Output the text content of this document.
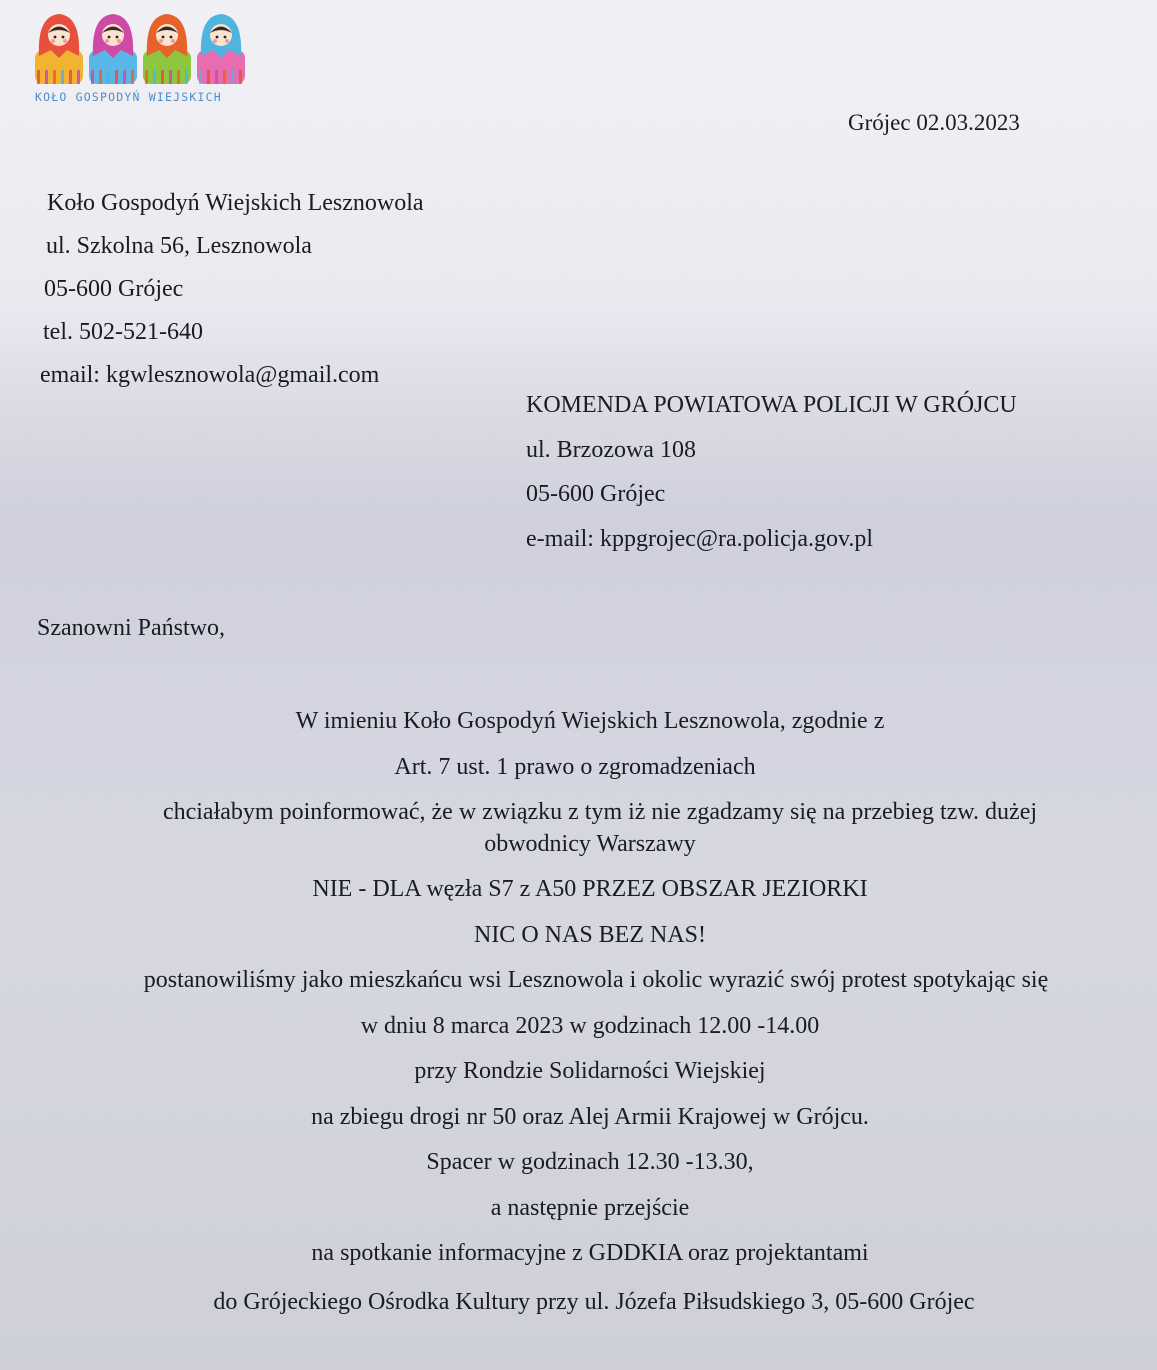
KOŁO GOSPODYŃ WIEJSKICH
Grójec 02.03.2023
Koło Gospodyń Wiejskich Lesznowola
ul. Szkolna 56, Lesznowola
05-600 Grójec
tel. 502-521-640
email: kgwlesznowola@gmail.com
KOMENDA POWIATOWA POLICJI W GRÓJCU
ul. Brzozowa 108
05-600 Grójec
e-mail: kppgrojec@ra.policja.gov.pl
Szanowni Państwo,
W imieniu Koło Gospodyń Wiejskich Lesznowola, zgodnie z
Art. 7 ust. 1 prawo o zgromadzeniach
chciałabym poinformować, że w związku z tym iż nie zgadzamy się na przebieg tzw. dużej
obwodnicy Warszawy
NIE - DLA węzła S7 z A50 PRZEZ OBSZAR JEZIORKI
NIC O NAS BEZ NAS!
postanowiliśmy jako mieszkańcu wsi Lesznowola i okolic wyrazić swój protest spotykając się
w dniu 8 marca 2023 w godzinach 12.00 -14.00
przy Rondzie Solidarności Wiejskiej
na zbiegu drogi nr 50 oraz Alej Armii Krajowej w Grójcu.
Spacer w godzinach 12.30 -13.30,
a następnie przejście
na spotkanie informacyjne z GDDKIA oraz projektantami
do Grójeckiego Ośrodka Kultury przy ul. Józefa Piłsudskiego 3, 05-600 Grójec
